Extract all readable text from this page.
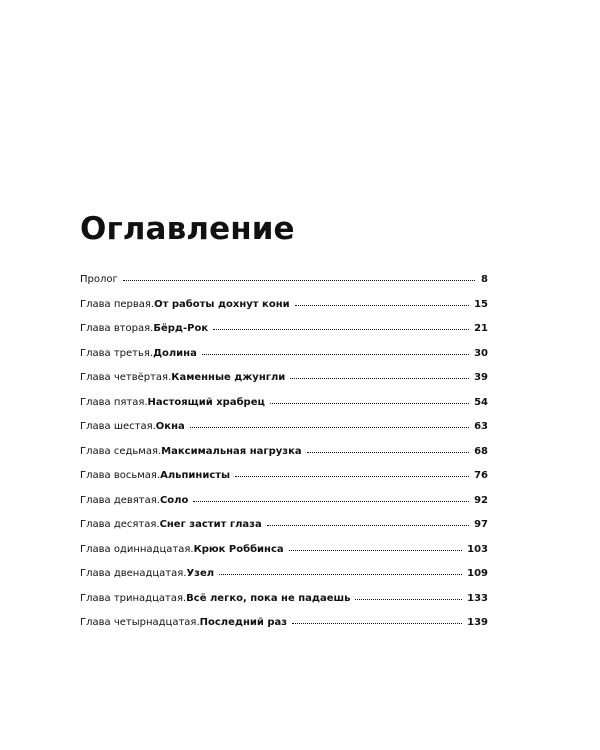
Оглавление
Пролог	8
Глава первая . От работы дохнут кони	15
Глава вторая . Бёрд-Рок	21
Глава третья . Долина	30
Глава четвёртая . Каменные джунгли	39
Глава пятая . Настоящий храбрец	54
Глава шестая . Окна	63
Глава седьмая . Максимальная нагрузка	68
Глава восьмая . Альпинисты	76
Глава девятая . Соло	92
Глава десятая . Снег застит глаза	97
Глава одиннадцатая . Крюк Роббинса	103
Глава двенадцатая . Узел	109
Глава тринадцатая . Всё легко, пока не падаешь	133
Глава четырнадцатая . Последний раз	139
